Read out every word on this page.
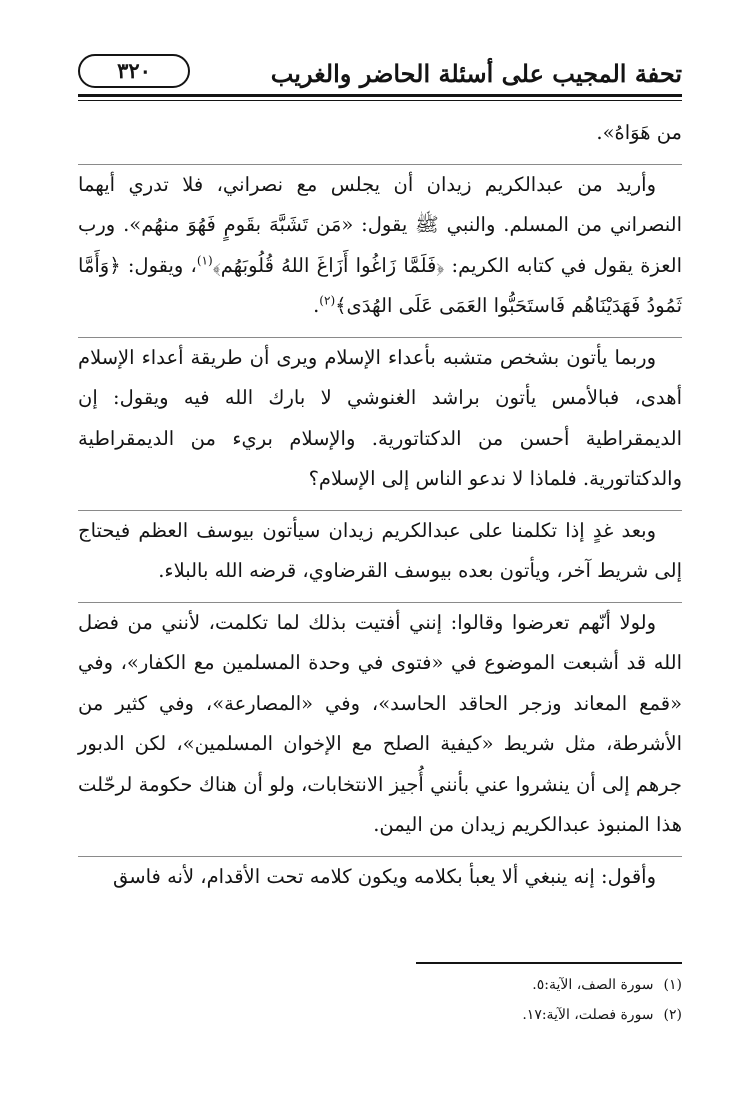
تحفة المجيب على أسئلة الحاضر والغريب
٣٢٠

من هَوَاهُ».

وأريد من عبدالكريم زيدان أن يجلس مع نصراني، فلا تدري أيهما النصراني من المسلم. والنبي ﷺ يقول: «مَن تَشَبَّهَ بقَومٍ فَهُوَ منهُم». ورب العزة يقول في كتابه الكريم: ﴿فَلَمَّا زَاغُوا أَزَاغَ اللهُ قُلُوبَهُم﴾$^{(١)}$، ويقول: ﴿وَأَمَّا ثَمُودُ فَهَدَيْنَاهُم فَاستَحَبُّوا العَمَى عَلَى الهُدَى﴾$^{(٢)}$.

وربما يأتون بشخص متشبه بأعداء الإسلام ويرى أن طريقة أعداء الإسلام أهدى، فبالأمس يأتون براشد الغنوشي لا بارك الله فيه ويقول: إن الديمقراطية أحسن من الدكتاتورية. والإسلام بريء من الديمقراطية والدكتاتورية. فلماذا لا ندعو الناس إلى الإسلام؟

وبعد غدٍ إذا تكلمنا على عبدالكريم زيدان سيأتون بيوسف العظم فيحتاج إلى شريط آخر، ويأتون بعده بيوسف القرضاوي، قرضه الله بالبلاء.

ولولا أنّهم تعرضوا وقالوا: إنني أفتيت بذلك لما تكلمت، لأنني من فضل الله قد أشبعت الموضوع في «فتوى في وحدة المسلمين مع الكفار»، وفي «قمع المعاند وزجر الحاقد الحاسد»، وفي «المصارعة»، وفي كثير من الأشرطة، مثل شريط «كيفية الصلح مع الإخوان المسلمين»، لكن الدبور جرهم إلى أن ينشروا عني بأنني أُجيز الانتخابات، ولو أن هناك حكومة لرحّلت هذا المنبوذ عبدالكريم زيدان من اليمن.

وأقول: إنه ينبغي ألا يعبأ بكلامه ويكون كلامه تحت الأقدام، لأنه فاسق

(١)سورة الصف، الآية:٥.

(٢)سورة فصلت، الآية:١٧.
